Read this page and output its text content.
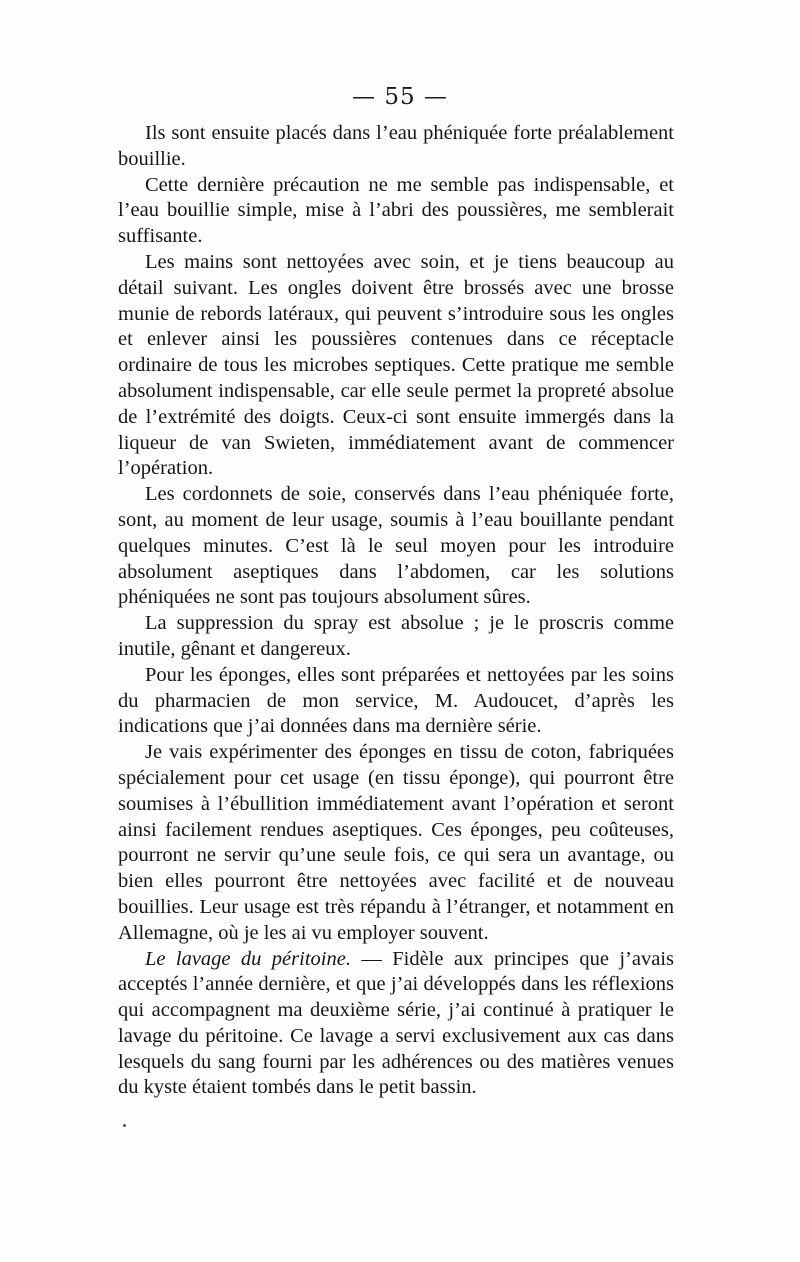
— 55 —

Ils sont ensuite placés dans l’eau phéniquée forte préalablement bouillie.

Cette dernière précaution ne me semble pas indispensable, et l’eau bouillie simple, mise à l’abri des poussières, me semblerait suffisante.

Les mains sont nettoyées avec soin, et je tiens beaucoup au détail suivant. Les ongles doivent être brossés avec une brosse munie de rebords latéraux, qui peuvent s’introduire sous les ongles et enlever ainsi les poussières contenues dans ce réceptacle ordinaire de tous les microbes septiques. Cette pratique me semble absolument indispensable, car elle seule permet la propreté absolue de l’extrémité des doigts. Ceux-ci sont ensuite immergés dans la liqueur de van Swieten, immédiatement avant de commencer l’opération.

Les cordonnets de soie, conservés dans l’eau phéniquée forte, sont, au moment de leur usage, soumis à l’eau bouillante pendant quelques minutes. C’est là le seul moyen pour les introduire absolument aseptiques dans l’abdomen, car les solutions phéniquées ne sont pas toujours absolument sûres.

La suppression du spray est absolue ; je le proscris comme inutile, gênant et dangereux.

Pour les éponges, elles sont préparées et nettoyées par les soins du pharmacien de mon service, M. Audoucet, d’après les indications que j’ai données dans ma dernière série.

Je vais expérimenter des éponges en tissu de coton, fabriquées spécialement pour cet usage (en tissu éponge), qui pourront être soumises à l’ébullition immédiatement avant l’opération et seront ainsi facilement rendues aseptiques. Ces éponges, peu coûteuses, pourront ne servir qu’une seule fois, ce qui sera un avantage, ou bien elles pourront être nettoyées avec facilité et de nouveau bouillies. Leur usage est très répandu à l’étranger, et notamment en Allemagne, où je les ai vu employer souvent.

Le lavage du péritoine. — Fidèle aux principes que j’avais acceptés l’année dernière, et que j’ai développés dans les réflexions qui accompagnent ma deuxième série, j’ai continué à pratiquer le lavage du péritoine. Ce lavage a servi exclusivement aux cas dans lesquels du sang fourni par les adhérences ou des matières venues du kyste étaient tombés dans le petit bassin.
